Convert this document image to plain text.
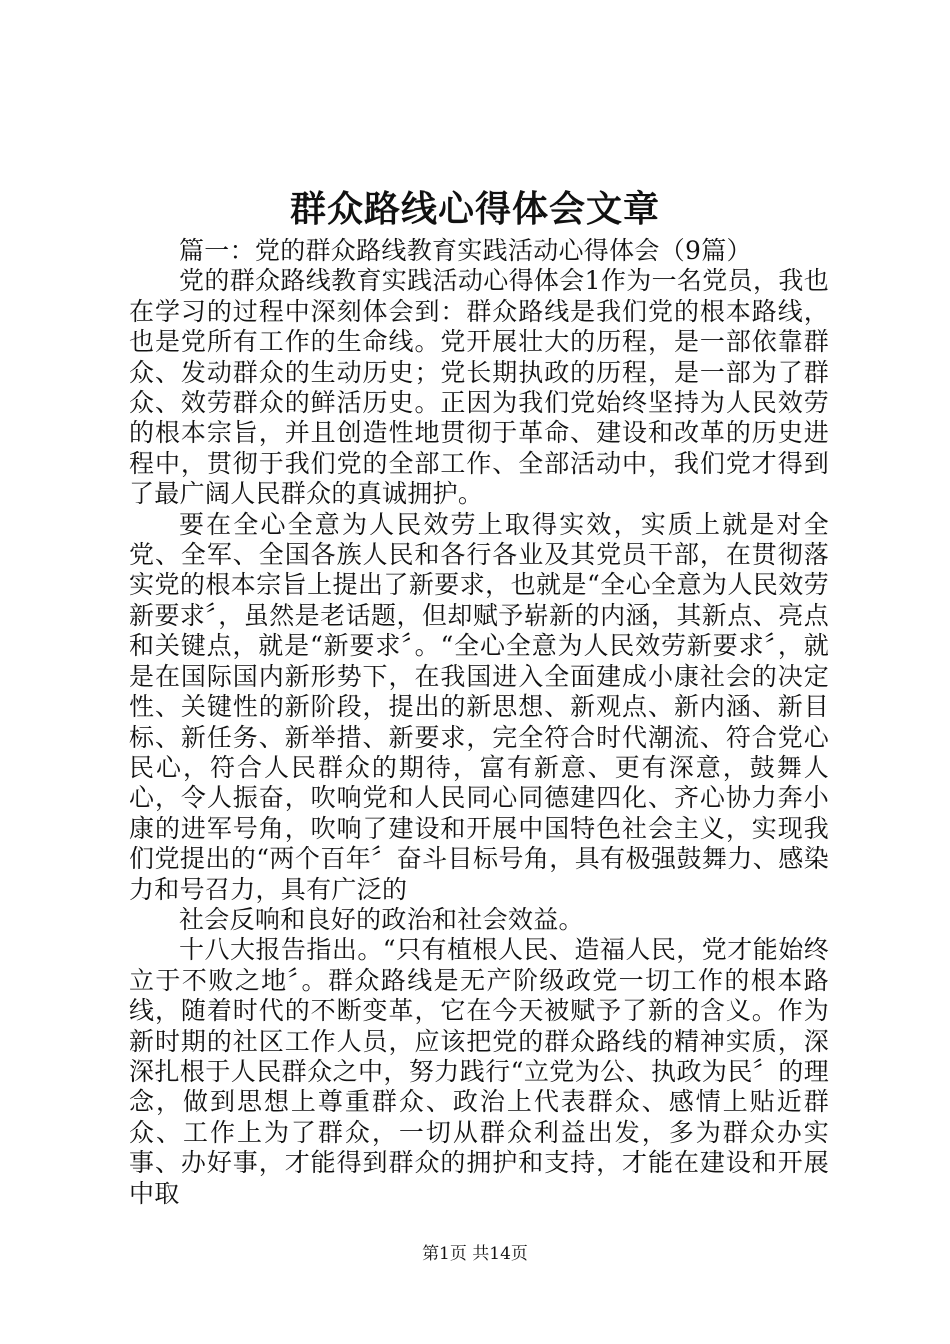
群众路线心得体会文章

篇一：党的群众路线教育实践活动心得体会（9篇）

党的群众路线教育实践活动心得体会1作为一名党员，我也在学习的过程中深刻体会到：群众路线是我们党的根本路线，也是党所有工作的生命线。党开展壮大的历程，是一部依靠群众、发动群众的生动历史；党长期执政的历程，是一部为了群众、效劳群众的鲜活历史。正因为我们党始终坚持为人民效劳的根本宗旨，并且创造性地贯彻于革命、建设和改革的历史进程中，贯彻于我们党的全部工作、全部活动中，我们党才得到了最广阔人民群众的真诚拥护。

要在全心全意为人民效劳上取得实效，实质上就是对全党、全军、全国各族人民和各行各业及其党员干部，在贯彻落实党的根本宗旨上提出了新要求，也就是“全心全意为人民效劳新要求〞，虽然是老话题，但却赋予崭新的内涵，其新点、亮点和关键点，就是“新要求〞。“全心全意为人民效劳新要求〞，就是在国际国内新形势下，在我国进入全面建成小康社会的决定性、关键性的新阶段，提出的新思想、新观点、新内涵、新目标、新任务、新举措、新要求，完全符合时代潮流、符合党心民心，符合人民群众的期待，富有新意、更有深意，鼓舞人心，令人振奋，吹响党和人民同心同德建四化、齐心协力奔小康的进军号角，吹响了建设和开展中国特色社会主义，实现我们党提出的“两个百年〞奋斗目标号角，具有极强鼓舞力、感染力和号召力，具有广泛的

社会反响和良好的政治和社会效益。

十八大报告指出。“只有植根人民、造福人民，党才能始终立于不败之地〞。群众路线是无产阶级政党一切工作的根本路线，随着时代的不断变革，它在今天被赋予了新的含义。作为新时期的社区工作人员，应该把党的群众路线的精神实质，深深扎根于人民群众之中，努力践行“立党为公、执政为民〞的理念，做到思想上尊重群众、政治上代表群众、感情上贴近群众、工作上为了群众，一切从群众利益出发，多为群众办实事、办好事，才能得到群众的拥护和支持，才能在建设和开展中取

第1页 共14页
